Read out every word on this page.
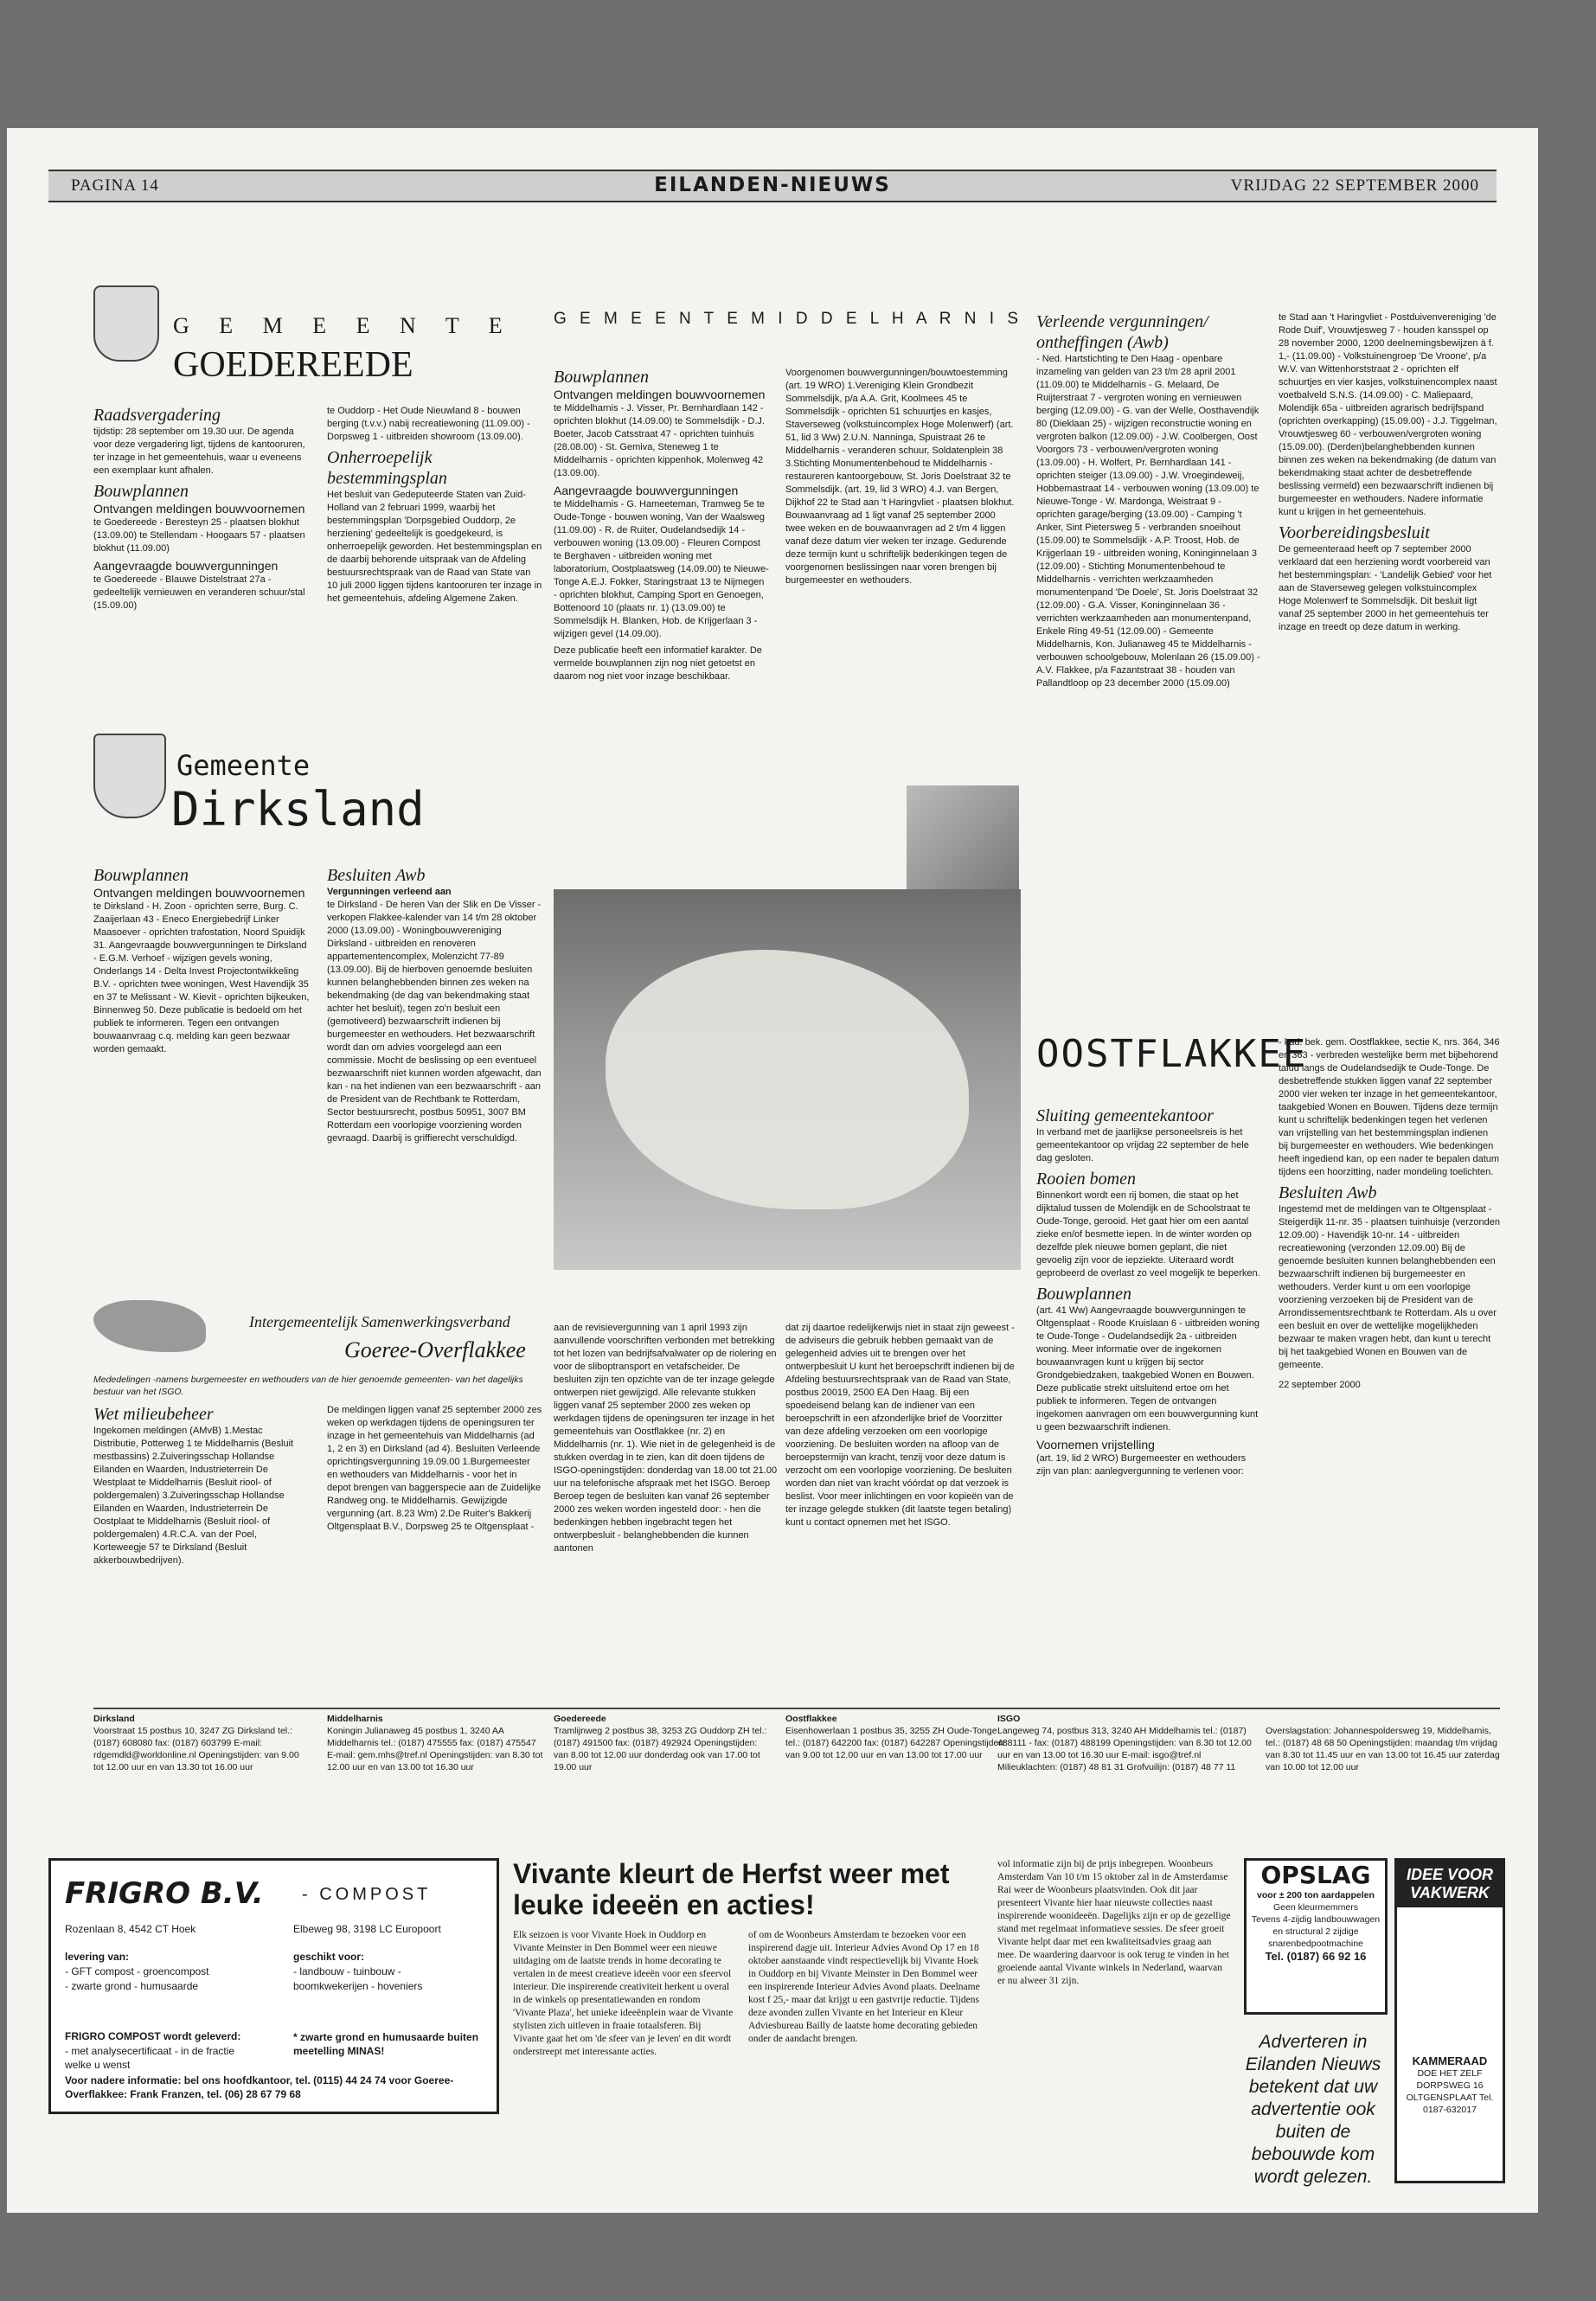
PAGINA 14	EILANDEN-NIEUWS	VRIJDAG 22 SEPTEMBER 2000
G E M E E N T E
GOEDEREEDE
Raadsvergadering

tijdstip: 28 september om 19.30 uur. De agenda voor deze vergadering ligt, tijdens de kantooruren, ter inzage in het gemeentehuis, waar u eveneens een exemplaar kunt afhalen.

Bouwplannen
Ontvangen meldingen bouwvoornemen

te Goedereede - Beresteyn 25 - plaatsen blokhut (13.09.00) te Stellendam - Hoogaars 57 - plaatsen blokhut (11.09.00)

Aangevraagde bouwvergunningen

te Goedereede - Blauwe Distelstraat 27a - gedeeltelijk vernieuwen en veranderen schuur/stal (15.09.00)

te Ouddorp - Het Oude Nieuwland 8 - bouwen berging (t.v.v.) nabij recreatiewoning (11.09.00) - Dorpsweg 1 - uitbreiden showroom (13.09.00).

Onherroepelijk bestemmingsplan

Het besluit van Gedeputeerde Staten van Zuid-Holland van 2 februari 1999, waarbij het bestemmingsplan 'Dorpsgebied Ouddorp, 2e herziening' gedeeltelijk is goedgekeurd, is onherroepelijk geworden. Het bestemmingsplan en de daarbij behorende uitspraak van de Afdeling bestuursrechtspraak van de Raad van State van 10 juli 2000 liggen tijdens kantooruren ter inzage in het gemeentehuis, afdeling Algemene Zaken.

Gemeente
Dirksland
Bouwplannen
Ontvangen meldingen bouwvoornemen

te Dirksland - H. Zoon - oprichten serre, Burg. C. Zaaijerlaan 43 - Eneco Energiebedrijf Linker Maasoever - oprichten trafostation, Noord Spuidijk 31. Aangevraagde bouwvergunningen te Dirksland - E.G.M. Verhoef - wijzigen gevels woning, Onderlangs 14 - Delta Invest Projectontwikkeling B.V. - oprichten twee woningen, West Havendijk 35 en 37 te Melissant - W. Kievit - oprichten bijkeuken, Binnenweg 50. Deze publicatie is bedoeld om het publiek te informeren. Tegen een ontvangen bouwaanvraag c.q. melding kan geen bezwaar worden gemaakt.

Besluiten Awb
Vergunningen verleend aan

te Dirksland - De heren Van der Slik en De Visser - verkopen Flakkee-kalender van 14 t/m 28 oktober 2000 (13.09.00) - Woningbouwvereniging Dirksland - uitbreiden en renoveren appartementencomplex, Molenzicht 77-89 (13.09.00). Bij de hierboven genoemde besluiten kunnen belanghebbenden binnen zes weken na bekendmaking (de dag van bekendmaking staat achter het besluit), tegen zo'n besluit een (gemotiveerd) bezwaarschrift indienen bij burgemeester en wethouders. Het bezwaarschrift wordt dan om advies voorgelegd aan een commissie. Mocht de beslissing op een eventueel bezwaarschrift niet kunnen worden afgewacht, dan kan - na het indienen van een bezwaarschrift - aan de President van de Rechtbank te Rotterdam, Sector bestuursrecht, postbus 50951, 3007 BM Rotterdam een voorlopige voorziening worden gevraagd. Daarbij is griffierecht verschuldigd.

G E M E E N T E M I D D E L H A R N I S
Bouwplannen
Ontvangen meldingen bouwvoornemen

te Middelharnis - J. Visser, Pr. Bernhardlaan 142 - oprichten blokhut (14.09.00) te Sommelsdijk - D.J. Boeter, Jacob Catsstraat 47 - oprichten tuinhuis (28.08.00) - St. Gemiva, Steneweg 1 te Middelharnis - oprichten kippenhok, Molenweg 42 (13.09.00).

Aangevraagde bouwvergunningen

te Middelharnis - G. Hameeteman, Tramweg 5e te Oude-Tonge - bouwen woning, Van der Waalsweg (11.09.00) - R. de Ruiter, Oudelandsedijk 14 - verbouwen woning (13.09.00) - Fleuren Compost te Berghaven - uitbreiden woning met laboratorium, Oostplaatsweg (14.09.00) te Nieuwe-Tonge A.E.J. Fokker, Staringstraat 13 te Nijmegen - oprichten blokhut, Camping Sport en Genoegen, Bottenoord 10 (plaats nr. 1) (13.09.00) te Sommelsdijk H. Blanken, Hob. de Krijgerlaan 3 - wijzigen gevel (14.09.00).

Deze publicatie heeft een informatief karakter. De vermelde bouwplannen zijn nog niet getoetst en daarom nog niet voor inzage beschikbaar.

Voorgenomen bouwvergunningen/bouwtoestemming (art. 19 WRO) 1.Vereniging Klein Grondbezit Sommelsdijk, p/a A.A. Grit, Koolmees 45 te Sommelsdijk - oprichten 51 schuurtjes en kasjes, Staverseweg (volkstuincomplex Hoge Molenwerf) (art. 51, lid 3 Ww) 2.U.N. Nanninga, Spuistraat 26 te Middelharnis - veranderen schuur, Soldatenplein 38 3.Stichting Monumentenbehoud te Middelharnis - restaureren kantoorgebouw, St. Joris Doelstraat 32 te Sommelsdijk. (art. 19, lid 3 WRO) 4.J. van Bergen, Dijkhof 22 te Stad aan 't Haringvliet - plaatsen blokhut. Bouwaanvraag ad 1 ligt vanaf 25 september 2000 twee weken en de bouwaanvragen ad 2 t/m 4 liggen vanaf deze datum vier weken ter inzage. Gedurende deze termijn kunt u schriftelijk bedenkingen tegen de voorgenomen beslissingen naar voren brengen bij burgemeester en wethouders.

Verleende vergunningen/ ontheffingen (Awb)

- Ned. Hartstichting te Den Haag - openbare inzameling van gelden van 23 t/m 28 april 2001 (11.09.00) te Middelharnis - G. Melaard, De Ruijterstraat 7 - vergroten woning en vernieuwen berging (12.09.00) - G. van der Welle, Oosthavendijk 80 (Dieklaan 25) - wijzigen reconstructie woning en vergroten balkon (12.09.00) - J.W. Coolbergen, Oost Voorgors 73 - verbouwen/vergroten woning (13.09.00) - H. Wolfert, Pr. Bernhardlaan 141 - oprichten steiger (13.09.00) - J.W. Vroegindeweij, Hobbemastraat 14 - verbouwen woning (13.09.00) te Nieuwe-Tonge - W. Mardonga, Weistraat 9 - oprichten garage/berging (13.09.00) - Camping 't Anker, Sint Pietersweg 5 - verbranden snoeihout (15.09.00) te Sommelsdijk - A.P. Troost, Hob. de Krijgerlaan 19 - uitbreiden woning, Koninginnelaan 3 (12.09.00) - Stichting Monumentenbehoud te Middelharnis - verrichten werkzaamheden monumentenpand 'De Doele', St. Joris Doelstraat 32 (12.09.00) - G.A. Visser, Koninginnelaan 36 - verrichten werkzaamheden aan monumentenpand, Enkele Ring 49-51 (12.09.00) - Gemeente Middelharnis, Kon. Julianaweg 45 te Middelharnis - verbouwen schoolgebouw, Molenlaan 26 (15.09.00) - A.V. Flakkee, p/a Fazantstraat 38 - houden van Pallandtloop op 23 december 2000 (15.09.00)

te Stad aan 't Haringvliet - Postduivenvereniging 'de Rode Duif', Vrouwtjesweg 7 - houden kansspel op 28 november 2000, 1200 deelnemingsbewijzen à f. 1,- (11.09.00) - Volkstuinengroep 'De Vroone', p/a W.V. van Wittenhorststraat 2 - oprichten elf schuurtjes en vier kasjes, volkstuinencomplex naast voetbalveld S.N.S. (14.09.00) - C. Maliepaard, Molendijk 65a - uitbreiden agrarisch bedrijfspand (oprichten overkapping) (15.09.00) - J.J. Tiggelman, Vrouwtjesweg 60 - verbouwen/vergroten woning (15.09.00). (Derden)belanghebbenden kunnen binnen zes weken na bekendmaking (de datum van bekendmaking staat achter de desbetreffende beslissing vermeld) een bezwaarschrift indienen bij burgemeester en wethouders. Nadere informatie kunt u krijgen in het gemeentehuis.

Voorbereidingsbesluit

De gemeenteraad heeft op 7 september 2000 verklaard dat een herziening wordt voorbereid van het bestemmingsplan: - 'Landelijk Gebied' voor het aan de Staverseweg gelegen volkstuincomplex Hoge Molenwerf te Sommelsdijk. Dit besluit ligt vanaf 25 september 2000 in het gemeentehuis ter inzage en treedt op deze datum in werking.

OOSTFLAKKEE
Sluiting gemeentekantoor

In verband met de jaarlijkse personeelsreis is het gemeentekantoor op vrijdag 22 september de hele dag gesloten.

Rooien bomen

Binnenkort wordt een rij bomen, die staat op het dijktalud tussen de Molendijk en de Schoolstraat te Oude-Tonge, gerooid. Het gaat hier om een aantal zieke en/of besmette iepen. In de winter worden op dezelfde plek nieuwe bomen geplant, die niet gevoelig zijn voor de iepziekte. Uiteraard wordt geprobeerd de overlast zo veel mogelijk te beperken.

Bouwplannen

(art. 41 Ww) Aangevraagde bouwvergunningen te Oltgensplaat - Roode Kruislaan 6 - uitbreiden woning te Oude-Tonge - Oudelandsedijk 2a - uitbreiden woning. Meer informatie over de ingekomen bouwaanvragen kunt u krijgen bij sector Grondgebiedzaken, taakgebied Wonen en Bouwen. Deze publicatie strekt uitsluitend ertoe om het publiek te informeren. Tegen de ontvangen ingekomen aanvragen om een bouwvergunning kunt u geen bezwaarschrift indienen.

Voornemen vrijstelling

(art. 19, lid 2 WRO) Burgemeester en wethouders zijn van plan: aanlegvergunning te verlenen voor:

- kad. bek. gem. Oostflakkee, sectie K, nrs. 364, 346 en 363 - verbreden westelijke berm met bijbehorend talud langs de Oudelandsedijk te Oude-Tonge. De desbetreffende stukken liggen vanaf 22 september 2000 vier weken ter inzage in het gemeentekantoor, taakgebied Wonen en Bouwen. Tijdens deze termijn kunt u schriftelijk bedenkingen tegen het verlenen van vrijstelling van het bestemmingsplan indienen bij burgemeester en wethouders. Wie bedenkingen heeft ingediend kan, op een nader te bepalen datum tijdens een hoorzitting, nader mondeling toelichten.

Besluiten Awb

Ingestemd met de meldingen van te Oltgensplaat - Steigerdijk 11-nr. 35 - plaatsen tuinhuisje (verzonden 12.09.00) - Havendijk 10-nr. 14 - uitbreiden recreatiewoning (verzonden 12.09.00) Bij de genoemde besluiten kunnen belanghebbenden een bezwaarschrift indienen bij burgemeester en wethouders. Verder kunt u om een voorlopige voorziening verzoeken bij de President van de Arrondissementsrechtbank te Rotterdam. Als u over een besluit en over de wettelijke mogelijkheden bezwaar te maken vragen hebt, dan kunt u terecht bij het taakgebied Wonen en Bouwen van de gemeente.

22 september 2000

Intergemeentelijk Samenwerkingsverband
Goeree-Overflakkee
Mededelingen -namens burgemeester en wethouders van de hier genoemde gemeenten- van het dagelijks bestuur van het ISGO.
Wet milieubeheer

Ingekomen meldingen (AMvB) 1.Mestac Distributie, Potterweg 1 te Middelharnis (Besluit mestbassins) 2.Zuiveringsschap Hollandse Eilanden en Waarden, Industrieterrein De Westplaat te Middelharnis (Besluit riool- of poldergemalen) 3.Zuiveringsschap Hollandse Eilanden en Waarden, Industrieterrein De Oostplaat te Middelharnis (Besluit riool- of poldergemalen) 4.R.C.A. van der Poel, Korteweegje 57 te Dirksland (Besluit akkerbouwbedrijven).

De meldingen liggen vanaf 25 september 2000 zes weken op werkdagen tijdens de openingsuren ter inzage in het gemeentehuis van Middelharnis (ad 1, 2 en 3) en Dirksland (ad 4). Besluiten Verleende oprichtingsvergunning 19.09.00 1.Burgemeester en wethouders van Middelharnis - voor het in depot brengen van baggerspecie aan de Zuidelijke Randweg ong. te Middelharnis. Gewijzigde vergunning (art. 8.23 Wm) 2.De Ruiter's Bakkerij Oltgensplaat B.V., Dorpsweg 25 te Oltgensplaat -

aan de revisievergunning van 1 april 1993 zijn aanvullende voorschriften verbonden met betrekking tot het lozen van bedrijfsafvalwater op de riolering en voor de sliboptransport en vetafscheider. De besluiten zijn ten opzichte van de ter inzage gelegde ontwerpen niet gewijzigd. Alle relevante stukken liggen vanaf 25 september 2000 zes weken op werkdagen tijdens de openingsuren ter inzage in het gemeentehuis van Oostflakkee (nr. 2) en Middelharnis (nr. 1). Wie niet in de gelegenheid is de stukken overdag in te zien, kan dit doen tijdens de ISGO-openingstijden: donderdag van 18.00 tot 21.00 uur na telefonische afspraak met het ISGO. Beroep Beroep tegen de besluiten kan vanaf 26 september 2000 zes weken worden ingesteld door: - hen die bedenkingen hebben ingebracht tegen het ontwerpbesluit - belanghebbenden die kunnen aantonen

dat zij daartoe redelijkerwijs niet in staat zijn geweest - de adviseurs die gebruik hebben gemaakt van de gelegenheid advies uit te brengen over het ontwerpbesluit U kunt het beroepschrift indienen bij de Afdeling bestuursrechtspraak van de Raad van State, postbus 20019, 2500 EA Den Haag. Bij een spoedeisend belang kan de indiener van een beroepschrift in een afzonderlijke brief de Voorzitter van deze afdeling verzoeken om een voorlopige voorziening. De besluiten worden na afloop van de beroepstermijn van kracht, tenzij voor deze datum is verzocht om een voorlopige voorziening. De besluiten worden dan niet van kracht vóórdat op dat verzoek is beslist. Voor meer inlichtingen en voor kopieën van de ter inzage gelegde stukken (dit laatste tegen betaling) kunt u contact opnemen met het ISGO.

Dirksland
Voorstraat 15 postbus 10, 3247 ZG Dirksland tel.: (0187) 608080 fax: (0187) 603799 E-mail: rdgemdld@worldonline.nl Openingstijden: van 9.00 tot 12.00 uur en van 13.30 tot 16.00 uur
Middelharnis
Koningin Julianaweg 45 postbus 1, 3240 AA Middelharnis tel.: (0187) 475555 fax: (0187) 475547 E-mail: gem.mhs@tref.nl Openingstijden: van 8.30 tot 12.00 uur en van 13.00 tot 16.30 uur
Goedereede
Tramlijnweg 2 postbus 38, 3253 ZG Ouddorp ZH tel.: (0187) 491500 fax: (0187) 492924 Openingstijden: van 8.00 tot 12.00 uur donderdag ook van 17.00 tot 19.00 uur
Oostflakkee
Eisenhowerlaan 1 postbus 35, 3255 ZH Oude-Tonge tel.: (0187) 642200 fax: (0187) 642287 Openingstijden: van 9.00 tot 12.00 uur en van 13.00 tot 17.00 uur
ISGO
Langeweg 74, postbus 313, 3240 AH Middelharnis tel.: (0187) 488111 - fax: (0187) 488199 Openingstijden: van 8.30 tot 12.00 uur en van 13.00 tot 16.30 uur E-mail: isgo@tref.nl Milieuklachten: (0187) 48 81 31 Grofvuilijn: (0187) 48 77 11
Overslagstation: Johannespoldersweg 19, Middelharnis, tel.: (0187) 48 68 50 Openingstijden: maandag t/m vrijdag van 8.30 tot 11.45 uur en van 13.00 tot 16.45 uur zaterdag van 10.00 tot 12.00 uur
FRIGRO B.V. - COMPOST
Rozenlaan 8, 4542 CT Hoek	Elbeweg 98, 3198 LC Europoort
levering van:
- GFT compost - groencompost - zwarte grond - humusaarde
geschikt voor:
- landbouw - tuinbouw - boomkwekerijen - hoveniers
FRIGRO COMPOST wordt geleverd:
- met analysecertificaat - in de fractie welke u wenst
* zwarte grond en humusaarde buiten meetelling MINAS!
Voor nadere informatie: bel ons hoofdkantoor, tel. (0115) 44 24 74 voor Goeree-Overflakkee: Frank Franzen, tel. (06) 28 67 79 68
Vivante kleurt de Herfst weer met leuke ideeën en acties!
Elk seizoen is voor Vivante Hoek in Ouddorp en Vivante Meinster in Den Bommel weer een nieuwe uitdaging om de laatste trends in home decorating te vertalen in de meest creatieve ideeën voor een sfeervol interieur. Die inspirerende creativiteit herkent u overal in de winkels op presentatiewanden en rondom 'Vivante Plaza', het unieke ideeënplein waar de Vivante stylisten zich uitleven in fraaie totaalsferen. Bij Vivante gaat het om 'de sfeer van je leven' en dit wordt onderstreept met interessante acties.
of om de Woonbeurs Amsterdam te bezoeken voor een inspirerend dagje uit. Interieur Advies Avond Op 17 en 18 oktober aanstaande vindt respectievelijk bij Vivante Hoek in Ouddorp en bij Vivante Meinster in Den Bommel weer een inspirerende Interieur Advies Avond plaats. Deelname kost f 25,- maar dat krijgt u een gastvrije reductie. Tijdens deze avonden zullen Vivante en het Interieur en Kleur Adviesbureau Bailly de laatste home decorating gebieden onder de aandacht brengen.
vol informatie zijn bij de prijs inbegrepen. Woonbeurs Amsterdam Van 10 t/m 15 oktober zal in de Amsterdamse Rai weer de Woonbeurs plaatsvinden. Ook dit jaar presenteert Vivante hier haar nieuwste collecties naast inspirerende woonideeën. Dagelijks zijn er op de gezellige stand met regelmaat informatieve sessies. De sfeer groeit Vivante helpt daar met een kwaliteitsadvies graag aan mee. De waardering daarvoor is ook terug te vinden in het groeiende aantal Vivante winkels in Nederland, waarvan er nu alweer 31 zijn.
OPSLAG
voor ± 200 ton aardappelen
Geen kleurmemmers
Tevens 4-zijdig landbouwwagen en structural 2 zijdige snarenbedpootmachine
Tel. (0187) 66 92 16
Adverteren in Eilanden Nieuws betekent dat uw advertentie ook buiten de bebouwde kom wordt gelezen.
IDEE VOOR VAKWERK
KAMMERAAD
DOE HET ZELF DORPSWEG 16 OLTGENSPLAAT Tel. 0187-632017
